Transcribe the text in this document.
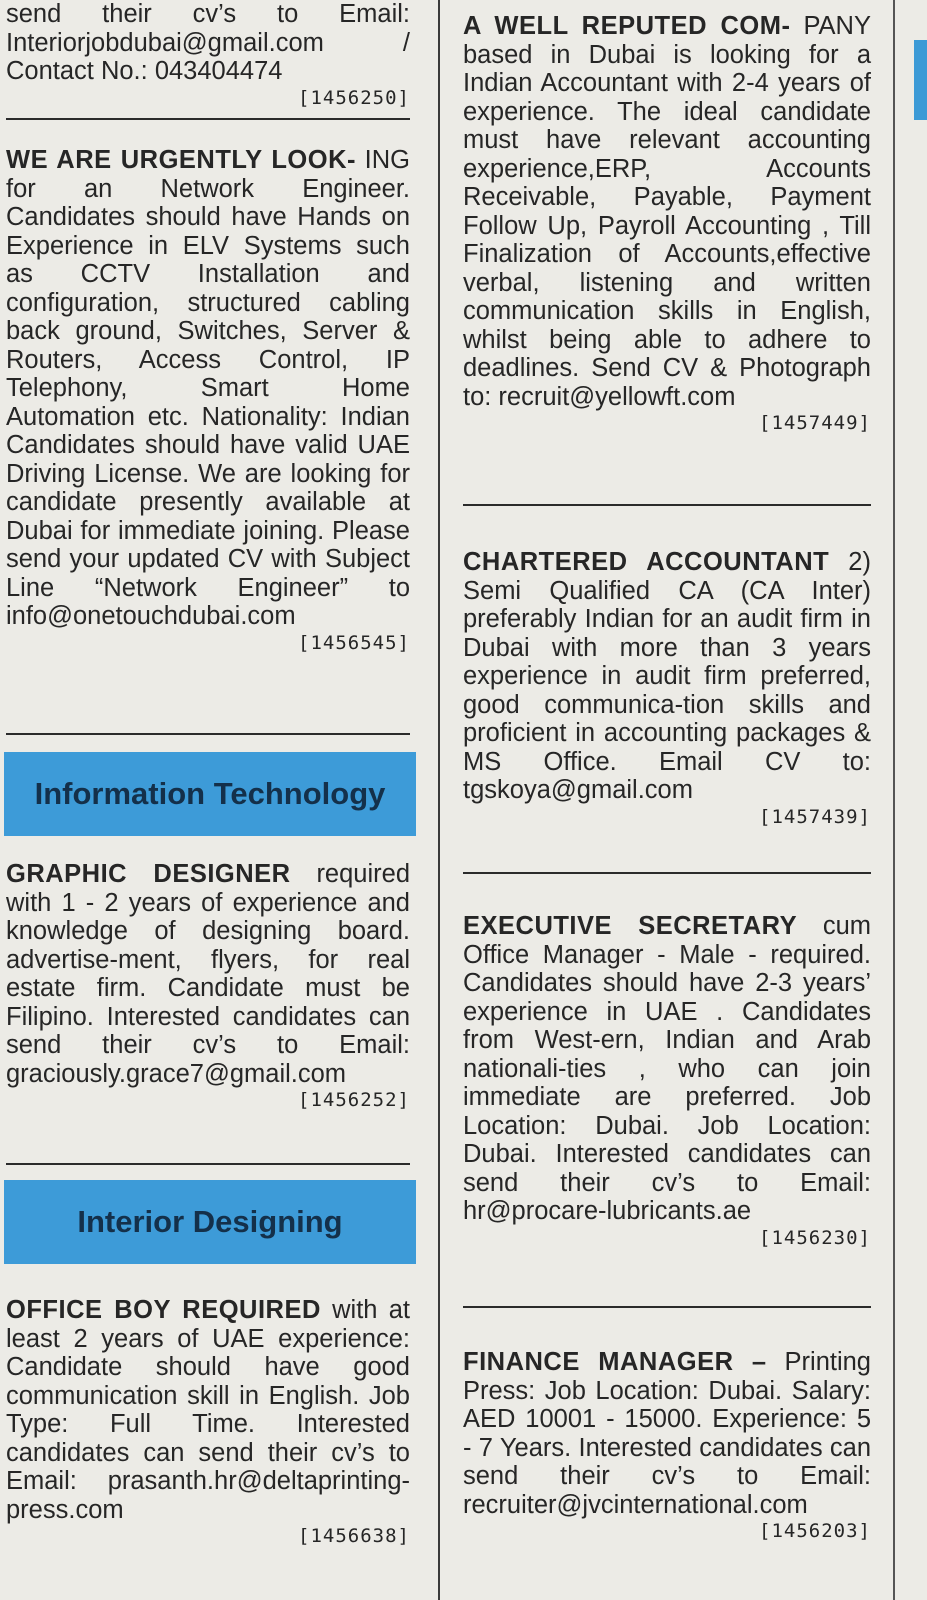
send their cv’s to Email: Interiorjobdubai@gmail.com / Contact No.: 043404474

[1456250]

WE ARE URGENTLY LOOK- ING for an Network Engineer. Candidates should have Hands on Experience in ELV Systems such as CCTV Installation and configuration, structured cabling back ground, Switches, Server & Routers, Access Control, IP Telephony, Smart Home Automation etc. Nationality: Indian Candidates should have valid UAE Driving License. We are looking for candidate presently available at Dubai for immediate joining. Please send your updated CV with Subject Line “Network Engineer” to info@onetouchdubai.com

[1456545]
Information Technology

GRAPHIC DESIGNER required with 1 - 2 years of experience and knowledge of designing board. advertise-ment, flyers, for real estate firm. Candidate must be Filipino. Interested candidates can send their cv’s to Email: graciously.grace7@gmail.com

[1456252]
Interior Designing

OFFICE BOY REQUIRED with at least 2 years of UAE experience: Candidate should have good communication skill in English. Job Type: Full Time. Interested candidates can send their cv’s to Email: prasanth.hr@deltaprinting-press.com

[1456638]

A WELL REPUTED COM- PANY based in Dubai is looking for a Indian Accountant with 2-4 years of experience. The ideal candidate must have relevant accounting experience,ERP, Accounts Receivable, Payable, Payment Follow Up, Payroll Accounting , Till Finalization of Accounts,effective verbal, listening and written communication skills in English, whilst being able to adhere to deadlines. Send CV & Photograph to: recruit@yellowft.com

[1457449]

CHARTERED ACCOUNTANT 2) Semi Qualified CA (CA Inter) preferably Indian for an audit firm in Dubai with more than 3 years experience in audit firm preferred, good communica-tion skills and proficient in accounting packages & MS Office. Email CV to: tgskoya@gmail.com

[1457439]

EXECUTIVE SECRETARY cum Office Manager - Male - required. Candidates should have 2-3 years’ experience in UAE . Candidates from West-ern, Indian and Arab nationali-ties , who can join immediate are preferred. Job Location: Dubai. Job Location: Dubai. Interested candidates can send their cv’s to Email: hr@procare-lubricants.ae

[1456230]

FINANCE MANAGER – Printing Press: Job Location: Dubai. Salary: AED 10001 - 15000. Experience: 5 - 7 Years. Interested candidates can send their cv’s to Email: recruiter@jvcinternational.com

[1456203]
